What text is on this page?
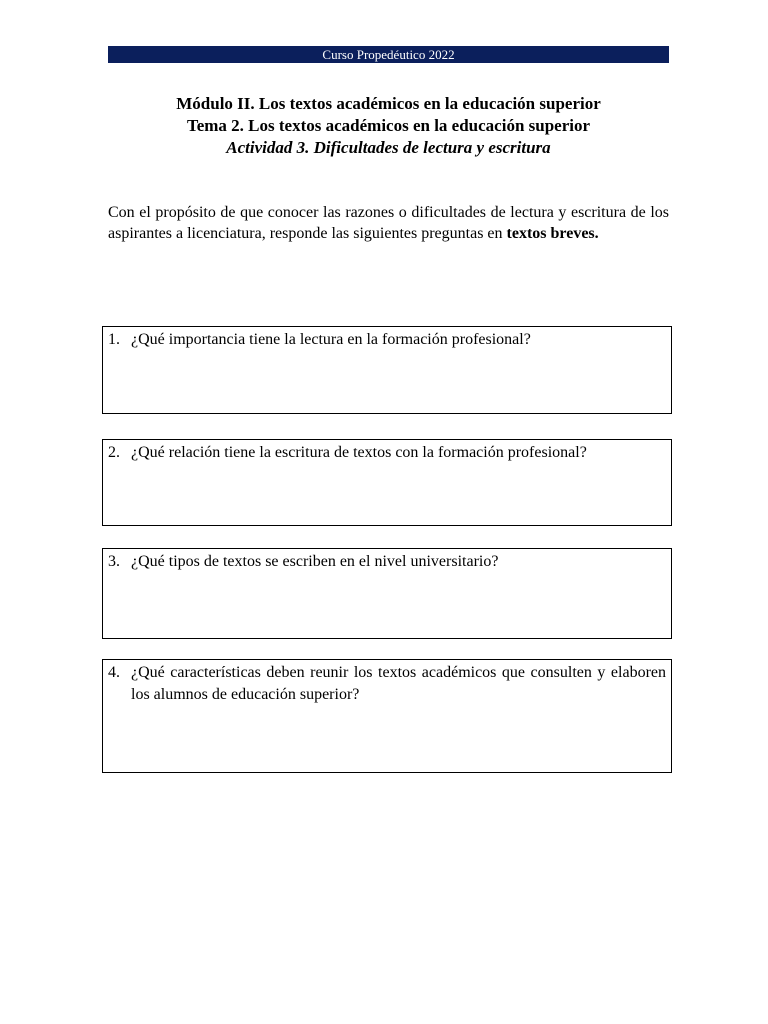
Curso Propedéutico 2022
Módulo II. Los textos académicos en la educación superior
Tema 2. Los textos académicos en la educación superior
Actividad 3. Dificultades de lectura y escritura
Con el propósito de que conocer las razones o dificultades de lectura y escritura de los aspirantes a licenciatura, responde las siguientes preguntas en textos breves.
1. ¿Qué importancia tiene la lectura en la formación profesional?
2. ¿Qué relación tiene la escritura de textos con la formación profesional?
3. ¿Qué tipos de textos se escriben en el nivel universitario?
4. ¿Qué características deben reunir los textos académicos que consulten y elaboren los alumnos de educación superior?
